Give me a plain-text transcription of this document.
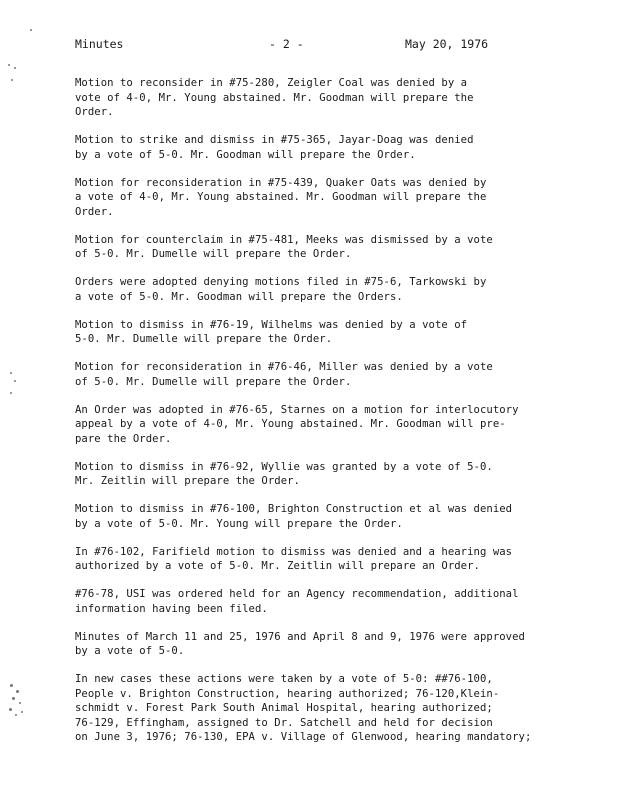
Minutes	- 2 -	May 20, 1976

Motion to reconsider in #75-280, Zeigler Coal was denied by a
vote of 4-0, Mr. Young abstained. Mr. Goodman will prepare the
Order.

Motion to strike and dismiss in #75-365, Jayar-Doag was denied
by a vote of 5-0. Mr. Goodman will prepare the Order.

Motion for reconsideration in #75-439, Quaker Oats was denied by
a vote of 4-0, Mr. Young abstained. Mr. Goodman will prepare the
Order.

Motion for counterclaim in #75-481, Meeks was dismissed by a vote
of 5-0. Mr. Dumelle will prepare the Order.

Orders were adopted denying motions filed in #75-6, Tarkowski by
a vote of 5-0. Mr. Goodman will prepare the Orders.

Motion to dismiss in #76-19, Wilhelms was denied by a vote of
5-0. Mr. Dumelle will prepare the Order.

Motion for reconsideration in #76-46, Miller was denied by a vote
of 5-0. Mr. Dumelle will prepare the Order.

An Order was adopted in #76-65, Starnes on a motion for interlocutory
appeal by a vote of 4-0, Mr. Young abstained. Mr. Goodman will pre-
pare the Order.

Motion to dismiss in #76-92, Wyllie was granted by a vote of 5-0.
Mr. Zeitlin will prepare the Order.

Motion to dismiss in #76-100, Brighton Construction et al was denied
by a vote of 5-0. Mr. Young will prepare the Order.

In #76-102, Farifield motion to dismiss was denied and a hearing was
authorized by a vote of 5-0. Mr. Zeitlin will prepare an Order.

#76-78, USI was ordered held for an Agency recommendation, additional
information having been filed.

Minutes of March 11 and 25, 1976 and April 8 and 9, 1976 were approved
by a vote of 5-0.

In new cases these actions were taken by a vote of 5-0: ##76-100,
People v. Brighton Construction, hearing authorized; 76-120,Klein-
schmidt v. Forest Park South Animal Hospital, hearing authorized;
76-129, Effingham, assigned to Dr. Satchell and held for decision
on June 3, 1976; 76-130, EPA v. Village of Glenwood, hearing mandatory;
